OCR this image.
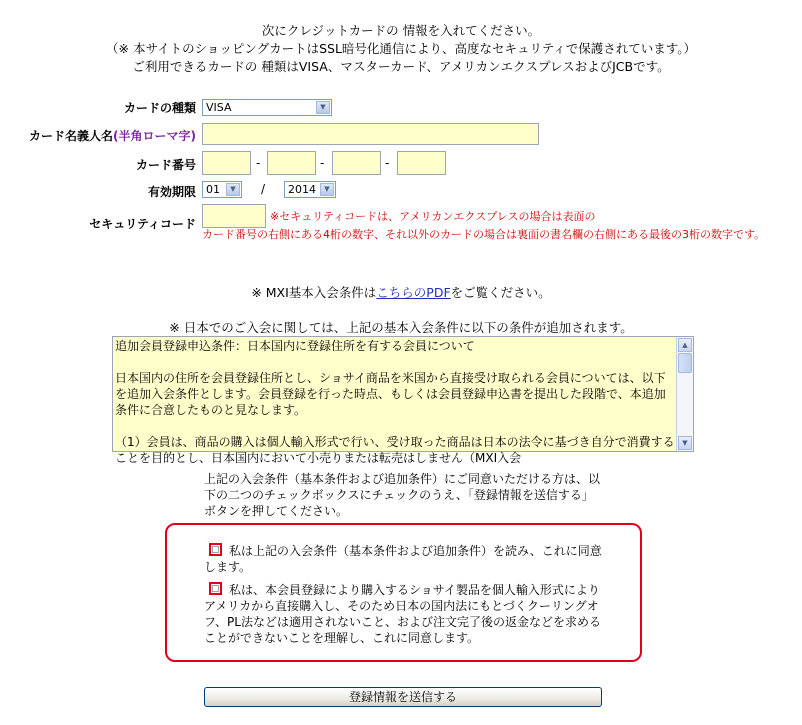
次にクレジットカードの 情報を入れてください。
（※ 本サイトのショッピングカートはSSL暗号化通信により、高度なセキュリティで保護されています。）
ご利用できるカードの 種類はVISA、マスターカード、アメリカンエクスプレスおよびJCBです。
カードの種類 VISA	▼
カード名義人名(半角ローマ字)
カード番号	-	-	-
有効期限 01	▼	/	2014	▼
セキュリティコード
※セキュリティコードは、アメリカンエクスプレスの場合は表面の
カード番号の右側にある4桁の数字、それ以外のカードの場合は裏面の書名欄の右側にある最後の3桁の数字です。
※ MXI基本入会条件はこちらのPDFをご覧ください。
※ 日本でのご入会に関しては、上記の基本入会条件に以下の条件が追加されます。
追加会員登録申込条件：日本国内に登録住所を有する会員について

日本国内の住所を会員登録住所とし、ショサイ商品を米国から直接受け取られる会員については、以下を追加入会条件とします。会員登録を行った時点、もしくは会員登録申込書を提出した段階で、本追加条件に合意したものと見なします。

（1）会員は、商品の購入は個人輸入形式で行い、受け取った商品は日本の法令に基づき自分で消費することを目的とし、日本国内において小売りまたは転売はしません（MXI入会
▲
▼
上記の入会条件（基本条件および追加条件）にご同意いただける方は、以下の二つのチェックボックスにチェックのうえ、「登録情報を送信する」ボタンを押してください。
私は上記の入会条件（基本条件および追加条件）を読み、これに同意します。
私は、本会員登録により購入するショサイ製品を個人輸入形式によりアメリカから直接購入し、そのため日本の国内法にもとづくクーリングオフ、PL法などは適用されないこと、および注文完了後の返金などを求めることができないことを理解し、これに同意します。
登録情報を送信する
